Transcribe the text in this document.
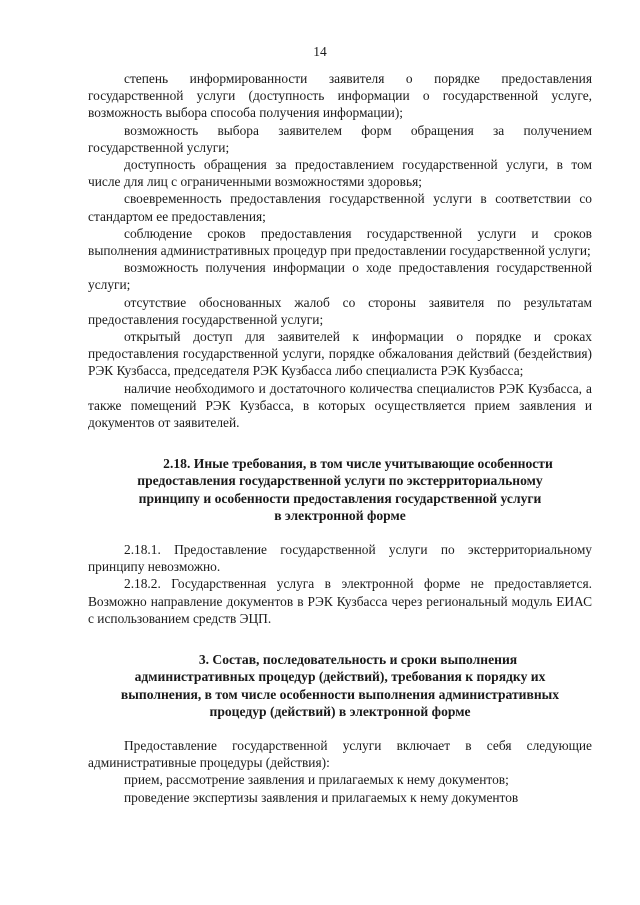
14

степень информированности заявителя о порядке предоставления государственной услуги (доступность информации о государственной услуге, возможность выбора способа получения информации);

возможность выбора заявителем форм обращения за получением государственной услуги;

доступность обращения за предоставлением государственной услуги, в том числе для лиц с ограниченными возможностями здоровья;

своевременность предоставления государственной услуги в соответствии со стандартом ее предоставления;

соблюдение сроков предоставления государственной услуги и сроков выполнения административных процедур при предоставлении государственной услуги;

возможность получения информации о ходе предоставления государственной услуги;

отсутствие обоснованных жалоб со стороны заявителя по результатам предоставления государственной услуги;

открытый доступ для заявителей к информации о порядке и сроках предоставления государственной услуги, порядке обжалования действий (бездействия) РЭК Кузбасса, председателя РЭК Кузбасса либо специалиста РЭК Кузбасса;

наличие необходимого и достаточного количества специалистов РЭК Кузбасса, а также помещений РЭК Кузбасса, в которых осуществляется прием заявления и документов от заявителей.

2.18. Иные требования, в том числе учитывающие особенности

предоставления государственной услуги по экстерриториальному

принципу и особенности предоставления государственной услуги

в электронной форме

2.18.1. Предоставление государственной услуги по экстерриториальному принципу невозможно.

2.18.2. Государственная услуга в электронной форме не предоставляется. Возможно направление документов в РЭК Кузбасса через региональный модуль ЕИАС с использованием средств ЭЦП.

3. Состав, последовательность и сроки выполнения

административных процедур (действий), требования к порядку их

выполнения, в том числе особенности выполнения административных

процедур (действий) в электронной форме

Предоставление государственной услуги включает в себя следующие административные процедуры (действия):

прием, рассмотрение заявления и прилагаемых к нему документов;

проведение экспертизы заявления и прилагаемых к нему документов
